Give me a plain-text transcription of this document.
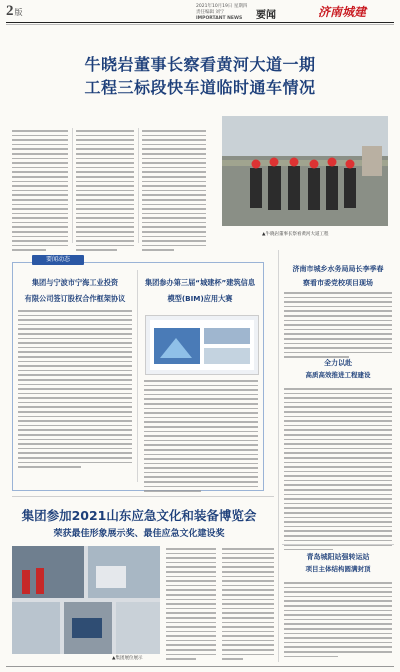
2版
2021年10月19日 星期四
责任编辑 刘宁
IMPORTANT NEWS	要闻	济南城建
牛晓岩董事长察看黄河大道一期
工程三标段快车道临时通车情况
▲牛晓岩董事长察看黄河大道工程
要闻动态
集团与宁波市宁海工业投资
有限公司签订股权合作框架协议
集团参办第三届“城建杯”建筑信息
模型(BIM)应用大赛
济南市城乡水务局局长李季春
察看市委党校项目现场
全力以赴
高质高效推进工程建设
青岛城阳站强转运站
项目主体结构圆满封顶
集团参加2021山东应急文化和装备博览会
荣获最佳形象展示奖、最佳应急文化建设奖
▲集团展位展示
